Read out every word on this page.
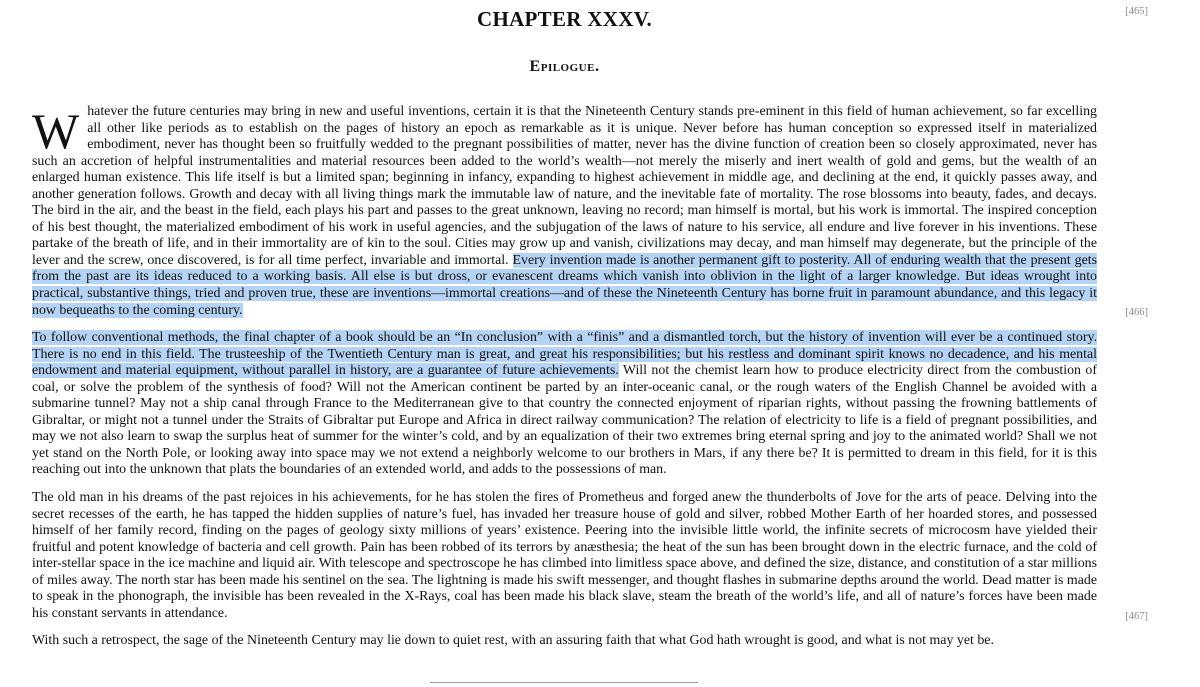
[465]
[466]
[467]
CHAPTER XXXV.
Epilogue.

Whatever the future centuries may bring in new and useful inventions, certain it is that the Nineteenth Century stands pre-eminent in this field of human achievement, so far excelling all other like periods as to establish on the pages of history an epoch as remarkable as it is unique. Never before has human conception so expressed itself in materialized embodiment, never has thought been so fruitfully wedded to the pregnant possibilities of matter, never has the divine function of creation been so closely approximated, never has such an accretion of helpful instrumentalities and material resources been added to the world’s wealth—not merely the miserly and inert wealth of gold and gems, but the wealth of an enlarged human existence. This life itself is but a limited span; beginning in infancy, expanding to highest achievement in middle age, and declining at the end, it quickly passes away, and another generation follows. Growth and decay with all living things mark the immutable law of nature, and the inevitable fate of mortality. The rose blossoms into beauty, fades, and decays. The bird in the air, and the beast in the field, each plays his part and passes to the great unknown, leaving no record; man himself is mortal, but his work is immortal. The inspired conception of his best thought, the materialized embodiment of his work in useful agencies, and the subjugation of the laws of nature to his service, all endure and live forever in his inventions. These partake of the breath of life, and in their immortality are of kin to the soul. Cities may grow up and vanish, civilizations may decay, and man himself may degenerate, but the principle of the lever and the screw, once discovered, is for all time perfect, invariable and immortal. Every invention made is another permanent gift to posterity. All of enduring wealth that the present gets from the past are its ideas reduced to a working basis. All else is but dross, or evanescent dreams which vanish into oblivion in the light of a larger knowledge. But ideas wrought into practical, substantive things, tried and proven true, these are inventions—immortal creations—and of these the Nineteenth Century has borne fruit in paramount abundance, and this legacy it now bequeaths to the coming century.

To follow conventional methods, the final chapter of a book should be an “In conclusion” with a “finis” and a dismantled torch, but the history of invention will ever be a continued story. There is no end in this field. The trusteeship of the Twentieth Century man is great, and great his responsibilities; but his restless and dominant spirit knows no decadence, and his mental endowment and material equipment, without parallel in history, are a guarantee of future achievements. Will not the chemist learn how to produce electricity direct from the combustion of coal, or solve the problem of the synthesis of food? Will not the American continent be parted by an inter-oceanic canal, or the rough waters of the English Channel be avoided with a submarine tunnel? May not a ship canal through France to the Mediterranean give to that country the connected enjoyment of riparian rights, without passing the frowning battlements of Gibraltar, or might not a tunnel under the Straits of Gibraltar put Europe and Africa in direct railway communication? The relation of electricity to life is a field of pregnant possibilities, and may we not also learn to swap the surplus heat of summer for the winter’s cold, and by an equalization of their two extremes bring eternal spring and joy to the animated world? Shall we not yet stand on the North Pole, or looking away into space may we not extend a neighborly welcome to our brothers in Mars, if any there be? It is permitted to dream in this field, for it is this reaching out into the unknown that plats the boundaries of an extended world, and adds to the possessions of man.

The old man in his dreams of the past rejoices in his achievements, for he has stolen the fires of Prometheus and forged anew the thunderbolts of Jove for the arts of peace. Delving into the secret recesses of the earth, he has tapped the hidden supplies of nature’s fuel, has invaded her treasure house of gold and silver, robbed Mother Earth of her hoarded stores, and possessed himself of her family record, finding on the pages of geology sixty millions of years’ existence. Peering into the invisible little world, the infinite secrets of microcosm have yielded their fruitful and potent knowledge of bacteria and cell growth. Pain has been robbed of its terrors by anæsthesia; the heat of the sun has been brought down in the electric furnace, and the cold of inter-stellar space in the ice machine and liquid air. With telescope and spectroscope he has climbed into limitless space above, and defined the size, distance, and constitution of a star millions of miles away. The north star has been made his sentinel on the sea. The lightning is made his swift messenger, and thought flashes in submarine depths around the world. Dead matter is made to speak in the phonograph, the invisible has been revealed in the X-Rays, coal has been made his black slave, steam the breath of the world’s life, and all of nature’s forces have been made his constant servants in attendance.

With such a retrospect, the sage of the Nineteenth Century may lie down to quiet rest, with an assuring faith that what God hath wrought is good, and what is not may yet be.
